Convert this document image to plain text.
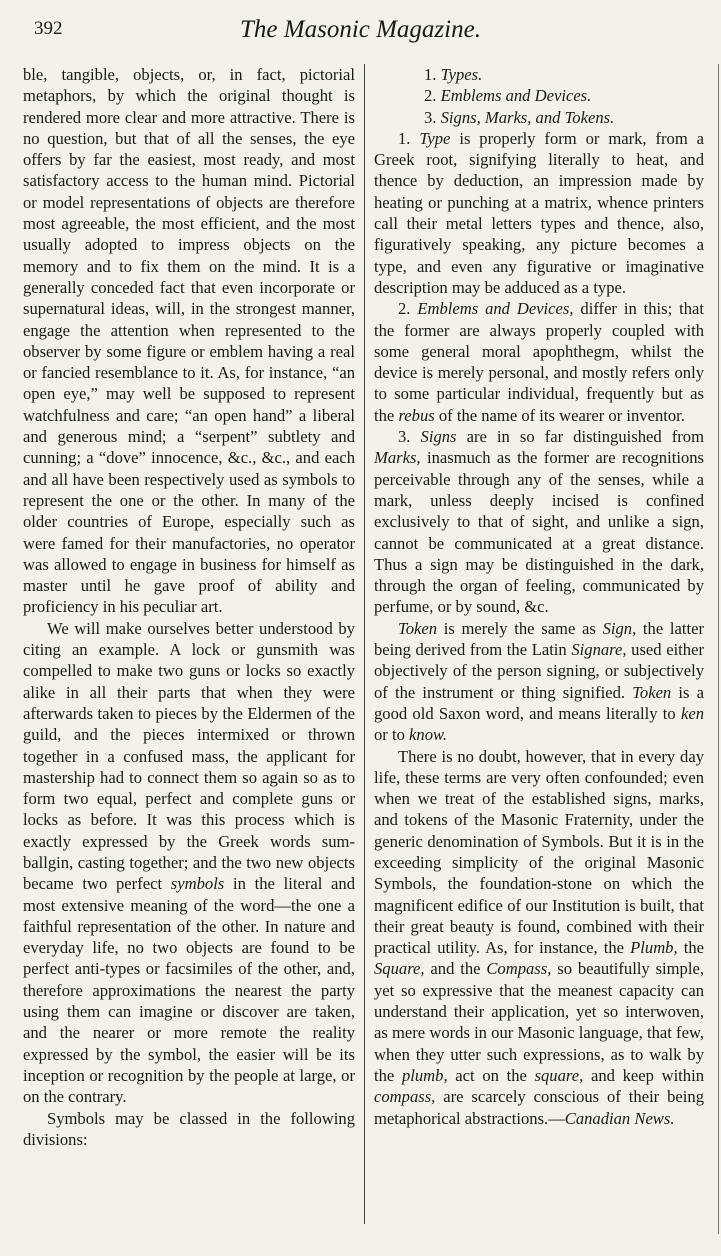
392	The Masonic Magazine.

ble, tangible, objects, or, in fact, pictorial metaphors, by which the original thought is rendered more clear and more attractive. There is no question, but that of all the senses, the eye offers by far the easiest, most ready, and most satisfactory access to the human mind. Pictorial or model representations of objects are therefore most agreeable, the most efficient, and the most usually adopted to impress objects on the memory and to fix them on the mind. It is a generally conceded fact that even incorporate or supernatural ideas, will, in the strongest manner, engage the attention when represented to the observer by some figure or emblem having a real or fancied resemblance to it. As, for instance, “an open eye,” may well be supposed to represent watchfulness and care; “an open hand” a liberal and generous mind; a “serpent” subtlety and cunning; a “dove” innocence, &c., &c., and each and all have been respectively used as symbols to represent the one or the other. In many of the older countries of Europe, especially such as were famed for their manufactories, no operator was allowed to engage in business for himself as master until he gave proof of ability and proficiency in his peculiar art.

We will make ourselves better understood by citing an example. A lock or gunsmith was compelled to make two guns or locks so exactly alike in all their parts that when they were afterwards taken to pieces by the Eldermen of the guild, and the pieces intermixed or thrown together in a confused mass, the applicant for mastership had to connect them so again so as to form two equal, perfect and complete guns or locks as before. It was this process which is exactly expressed by the Greek words sum-ballgin, casting together; and the two new objects became two perfect symbols in the literal and most extensive meaning of the word—the one a faithful representation of the other. In nature and everyday life, no two objects are found to be perfect anti-types or facsimiles of the other, and, therefore approximations the nearest the party using them can imagine or discover are taken, and the nearer or more remote the reality expressed by the symbol, the easier will be its inception or recognition by the people at large, or on the contrary.

Symbols may be classed in the following divisions:

1. Types.

2. Emblems and Devices.

3. Signs, Marks, and Tokens.

1. Type is properly form or mark, from a Greek root, signifying literally to heat, and thence by deduction, an impression made by heating or punching at a matrix, whence printers call their metal letters types and thence, also, figuratively speaking, any picture becomes a type, and even any figurative or imaginative description may be adduced as a type.

2. Emblems and Devices, differ in this; that the former are always properly coupled with some general moral apophthegm, whilst the device is merely personal, and mostly refers only to some particular individual, frequently but as the rebus of the name of its wearer or inventor.

3. Signs are in so far distinguished from Marks, inasmuch as the former are recognitions perceivable through any of the senses, while a mark, unless deeply incised is confined exclusively to that of sight, and unlike a sign, cannot be communicated at a great distance. Thus a sign may be distinguished in the dark, through the organ of feeling, communicated by perfume, or by sound, &c.

Token is merely the same as Sign, the latter being derived from the Latin Signare, used either objectively of the person signing, or subjectively of the instrument or thing signified. Token is a good old Saxon word, and means literally to ken or to know.

There is no doubt, however, that in every day life, these terms are very often confounded; even when we treat of the established signs, marks, and tokens of the Masonic Fraternity, under the generic denomination of Symbols. But it is in the exceeding simplicity of the original Masonic Symbols, the foundation-stone on which the magnificent edifice of our Institution is built, that their great beauty is found, combined with their practical utility. As, for instance, the Plumb, the Square, and the Compass, so beautifully simple, yet so expressive that the meanest capacity can understand their application, yet so interwoven, as mere words in our Masonic language, that few, when they utter such expressions, as to walk by the plumb, act on the square, and keep within compass, are scarcely conscious of their being metaphorical abstractions.—Canadian News.
